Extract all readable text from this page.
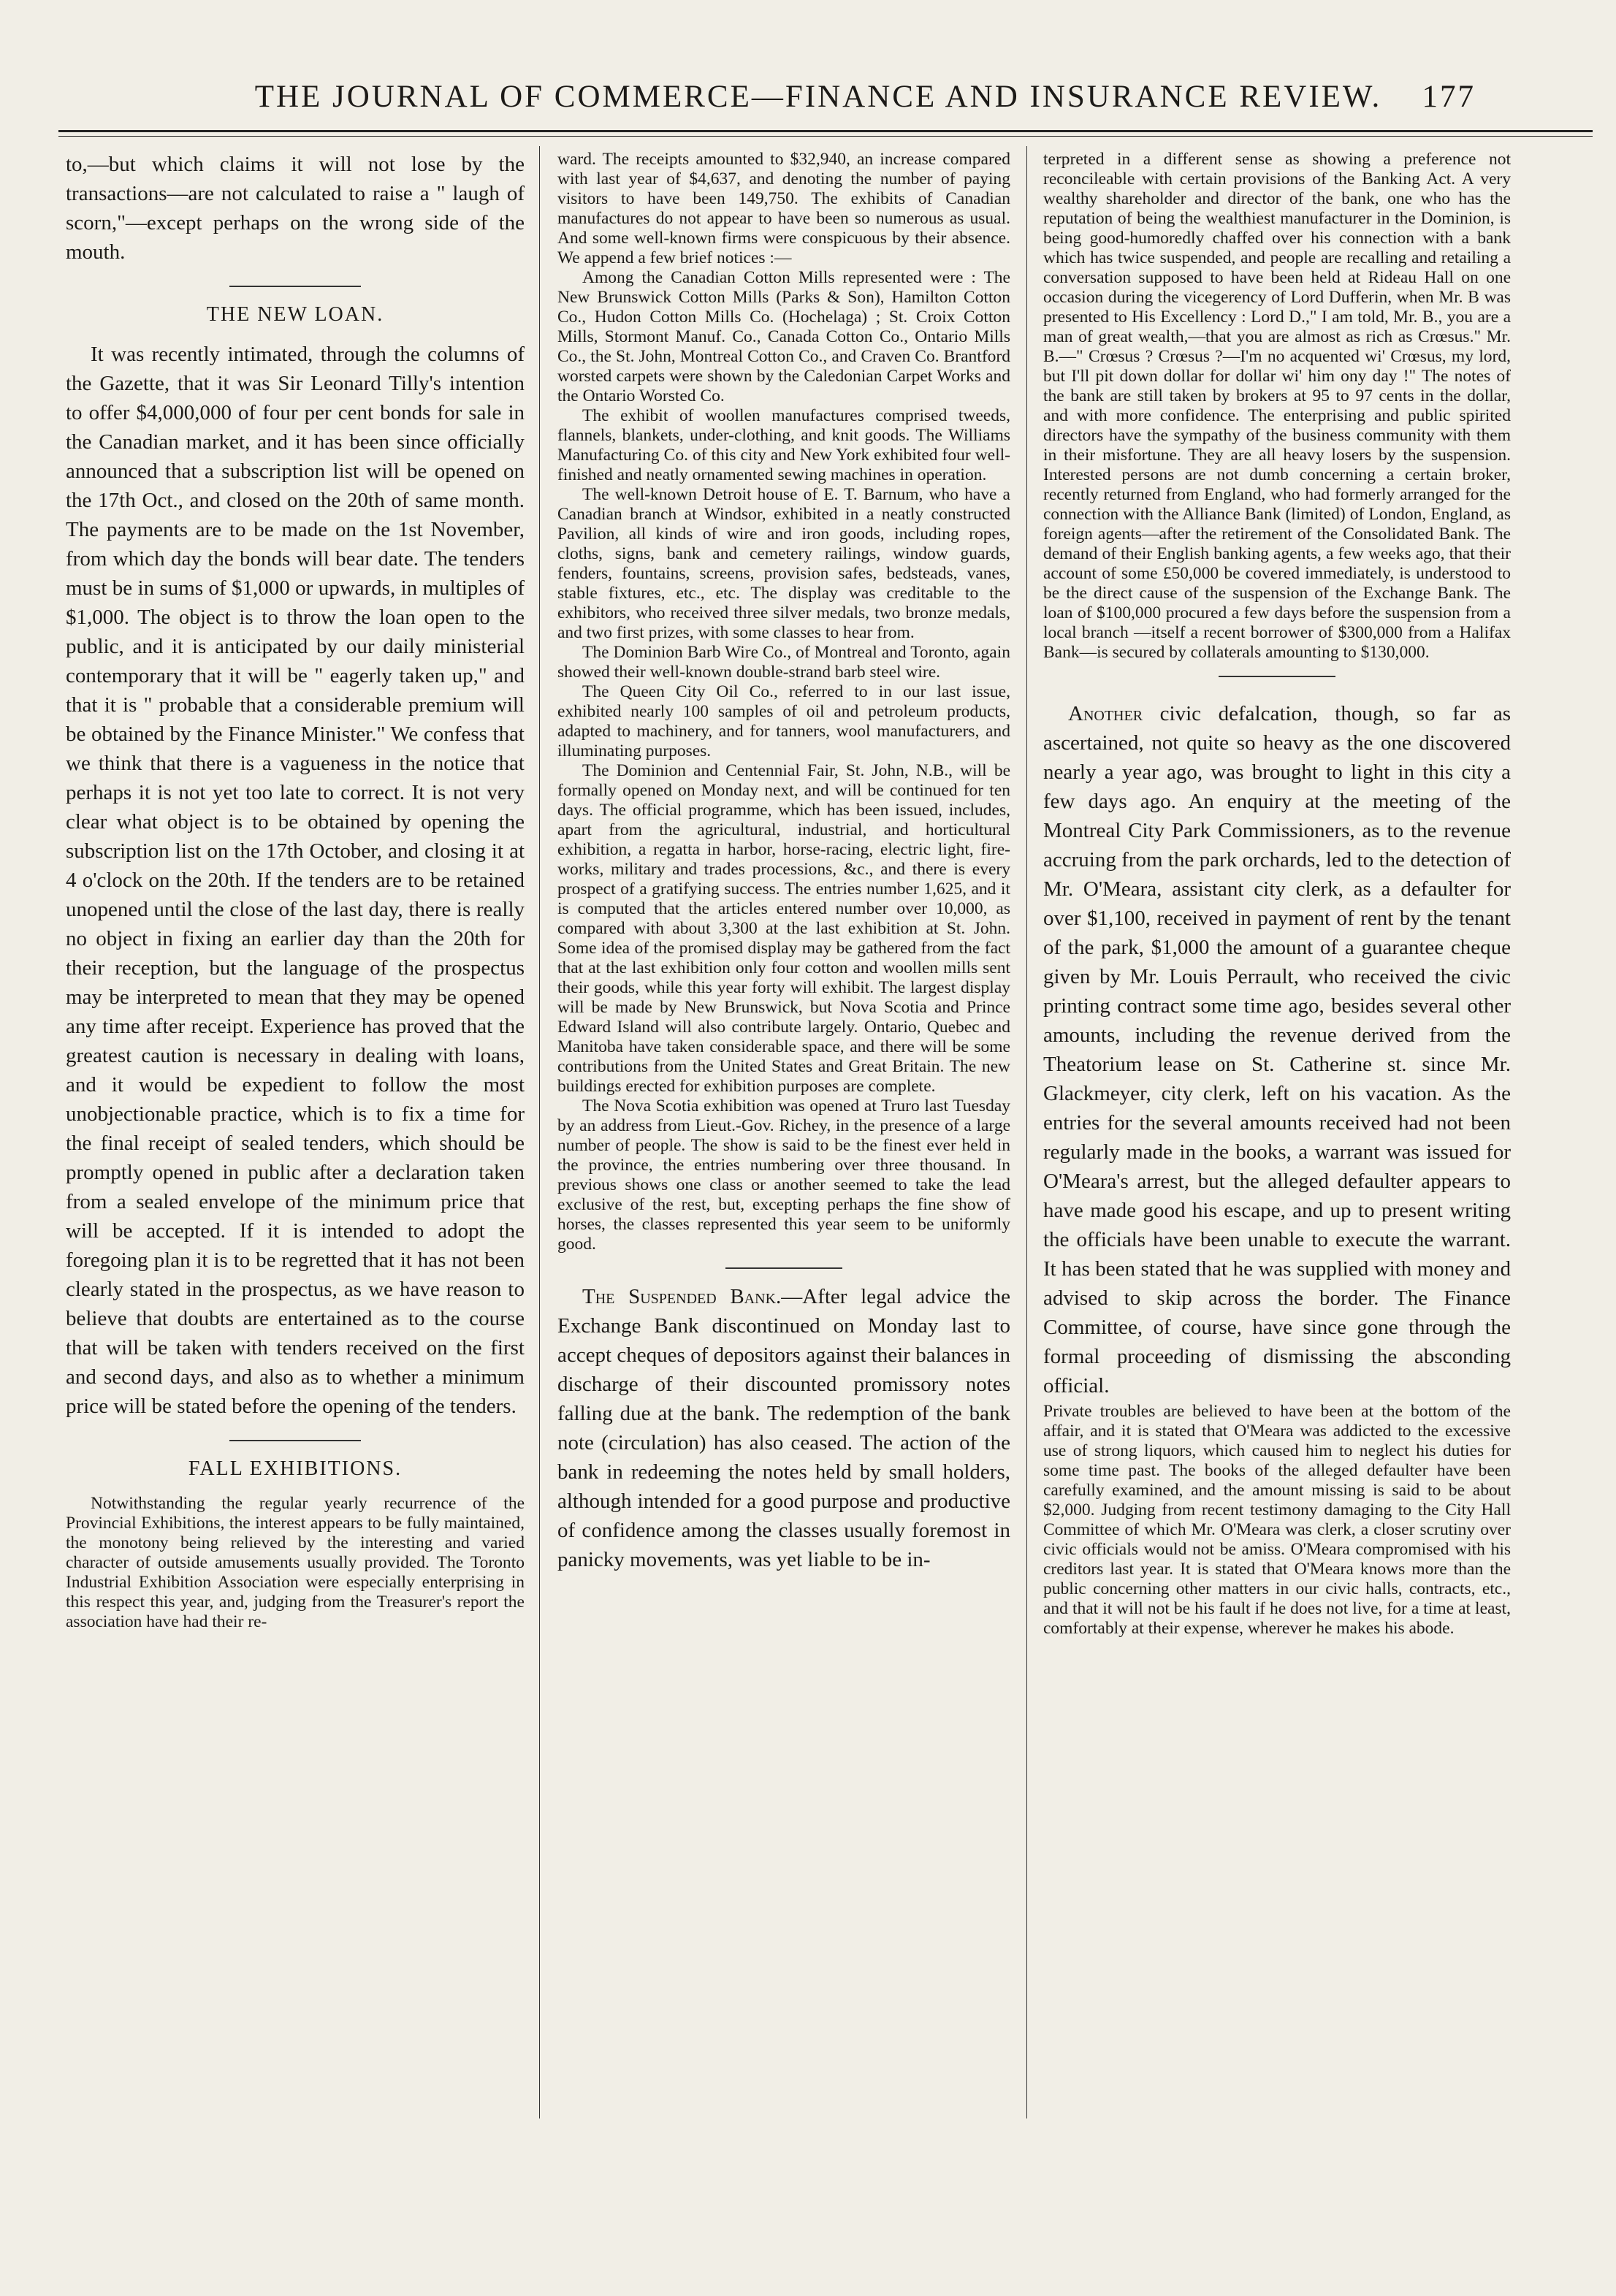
THE JOURNAL OF COMMERCE—FINANCE AND INSURANCE REVIEW. 177

to,—but which claims it will not lose by the transactions—are not calculated to raise a " laugh of scorn,"—except perhaps on the wrong side of the mouth.

THE NEW LOAN.

It was recently intimated, through the columns of the Gazette, that it was Sir Leonard Tilly's intention to offer $4,000,000 of four per cent bonds for sale in the Canadian market, and it has been since officially announced that a subscription list will be opened on the 17th Oct., and closed on the 20th of same month. The payments are to be made on the 1st November, from which day the bonds will bear date. The tenders must be in sums of $1,000 or upwards, in multiples of $1,000. The object is to throw the loan open to the public, and it is anticipated by our daily ministerial contemporary that it will be " eagerly taken up," and that it is " probable that a considerable premium will be obtained by the Finance Minister." We confess that we think that there is a vagueness in the notice that perhaps it is not yet too late to correct. It is not very clear what object is to be obtained by opening the subscription list on the 17th October, and closing it at 4 o'clock on the 20th. If the tenders are to be retained unopened until the close of the last day, there is really no object in fixing an earlier day than the 20th for their reception, but the language of the prospectus may be interpreted to mean that they may be opened any time after receipt. Experience has proved that the greatest caution is necessary in dealing with loans, and it would be expedient to follow the most unobjectionable practice, which is to fix a time for the final receipt of sealed tenders, which should be promptly opened in public after a declaration taken from a sealed envelope of the minimum price that will be accepted. If it is intended to adopt the foregoing plan it is to be regretted that it has not been clearly stated in the prospectus, as we have reason to believe that doubts are entertained as to the course that will be taken with tenders received on the first and second days, and also as to whether a minimum price will be stated before the opening of the tenders.

FALL EXHIBITIONS.

Notwithstanding the regular yearly recurrence of the Provincial Exhibitions, the interest appears to be fully maintained, the monotony being relieved by the interesting and varied character of outside amusements usually provided. The Toronto Industrial Exhibition Association were especially enterprising in this respect this year, and, judging from the Treasurer's report the association have had their re-

ward. The receipts amounted to $32,940, an increase compared with last year of $4,637, and denoting the number of paying visitors to have been 149,750. The exhibits of Canadian manufactures do not appear to have been so numerous as usual. And some well-known firms were conspicuous by their absence. We append a few brief notices :—

Among the Canadian Cotton Mills represented were : The New Brunswick Cotton Mills (Parks & Son), Hamilton Cotton Co., Hudon Cotton Mills Co. (Hochelaga) ; St. Croix Cotton Mills, Stormont Manuf. Co., Canada Cotton Co., Ontario Mills Co., the St. John, Montreal Cotton Co., and Craven Co. Brantford worsted carpets were shown by the Caledonian Carpet Works and the Ontario Worsted Co.

The exhibit of woollen manufactures comprised tweeds, flannels, blankets, under-clothing, and knit goods. The Williams Manufacturing Co. of this city and New York exhibited four well-finished and neatly ornamented sewing machines in operation.

The well-known Detroit house of E. T. Barnum, who have a Canadian branch at Windsor, exhibited in a neatly constructed Pavilion, all kinds of wire and iron goods, including ropes, cloths, signs, bank and cemetery railings, window guards, fenders, fountains, screens, provision safes, bedsteads, vanes, stable fixtures, etc., etc. The display was creditable to the exhibitors, who received three silver medals, two bronze medals, and two first prizes, with some classes to hear from.

The Dominion Barb Wire Co., of Montreal and Toronto, again showed their well-known double-strand barb steel wire.

The Queen City Oil Co., referred to in our last issue, exhibited nearly 100 samples of oil and petroleum products, adapted to machinery, and for tanners, wool manufacturers, and illuminating purposes.

The Dominion and Centennial Fair, St. John, N.B., will be formally opened on Monday next, and will be continued for ten days. The official programme, which has been issued, includes, apart from the agricultural, industrial, and horticultural exhibition, a regatta in harbor, horse-racing, electric light, fire-works, military and trades processions, &c., and there is every prospect of a gratifying success. The entries number 1,625, and it is computed that the articles entered number over 10,000, as compared with about 3,300 at the last exhibition at St. John. Some idea of the promised display may be gathered from the fact that at the last exhibition only four cotton and woollen mills sent their goods, while this year forty will exhibit. The largest display will be made by New Brunswick, but Nova Scotia and Prince Edward Island will also contribute largely. Ontario, Quebec and Manitoba have taken considerable space, and there will be some contributions from the United States and Great Britain. The new buildings erected for exhibition purposes are complete.

The Nova Scotia exhibition was opened at Truro last Tuesday by an address from Lieut.-Gov. Richey, in the presence of a large number of people. The show is said to be the finest ever held in the province, the entries numbering over three thousand. In previous shows one class or another seemed to take the lead exclusive of the rest, but, excepting perhaps the fine show of horses, the classes represented this year seem to be uniformly good.

The Suspended Bank.—After legal advice the Exchange Bank discontinued on Monday last to accept cheques of depositors against their balances in discharge of their discounted promissory notes falling due at the bank. The redemption of the bank note (circulation) has also ceased. The action of the bank in redeeming the notes held by small holders, although intended for a good purpose and productive of confidence among the classes usually foremost in panicky movements, was yet liable to be in-

terpreted in a different sense as showing a preference not reconcileable with certain provisions of the Banking Act. A very wealthy shareholder and director of the bank, one who has the reputation of being the wealthiest manufacturer in the Dominion, is being good-humoredly chaffed over his connection with a bank which has twice suspended, and people are recalling and retailing a conversation supposed to have been held at Rideau Hall on one occasion during the vicegerency of Lord Dufferin, when Mr. B was presented to His Excellency : Lord D.," I am told, Mr. B., you are a man of great wealth,—that you are almost as rich as Crœsus." Mr. B.—" Crœsus ? Crœsus ?—I'm no acquented wi' Crœsus, my lord, but I'll pit down dollar for dollar wi' him ony day !" The notes of the bank are still taken by brokers at 95 to 97 cents in the dollar, and with more confidence. The enterprising and public spirited directors have the sympathy of the business community with them in their misfortune. They are all heavy losers by the suspension. Interested persons are not dumb concerning a certain broker, recently returned from England, who had formerly arranged for the connection with the Alliance Bank (limited) of London, England, as foreign agents—after the retirement of the Consolidated Bank. The demand of their English banking agents, a few weeks ago, that their account of some £50,000 be covered immediately, is understood to be the direct cause of the suspension of the Exchange Bank. The loan of $100,000 procured a few days before the suspension from a local branch —itself a recent borrower of $300,000 from a Halifax Bank—is secured by collaterals amounting to $130,000.

Another civic defalcation, though, so far as ascertained, not quite so heavy as the one discovered nearly a year ago, was brought to light in this city a few days ago. An enquiry at the meeting of the Montreal City Park Commissioners, as to the revenue accruing from the park orchards, led to the detection of Mr. O'Meara, assistant city clerk, as a defaulter for over $1,100, received in payment of rent by the tenant of the park, $1,000 the amount of a guarantee cheque given by Mr. Louis Perrault, who received the civic printing contract some time ago, besides several other amounts, including the revenue derived from the Theatorium lease on St. Catherine st. since Mr. Glackmeyer, city clerk, left on his vacation. As the entries for the several amounts received had not been regularly made in the books, a warrant was issued for O'Meara's arrest, but the alleged defaulter appears to have made good his escape, and up to present writing the officials have been unable to execute the warrant. It has been stated that he was supplied with money and advised to skip across the border. The Finance Committee, of course, have since gone through the formal proceeding of dismissing the absconding official.

Private troubles are believed to have been at the bottom of the affair, and it is stated that O'Meara was addicted to the excessive use of strong liquors, which caused him to neglect his duties for some time past. The books of the alleged defaulter have been carefully examined, and the amount missing is said to be about $2,000. Judging from recent testimony damaging to the City Hall Committee of which Mr. O'Meara was clerk, a closer scrutiny over civic officials would not be amiss. O'Meara compromised with his creditors last year. It is stated that O'Meara knows more than the public concerning other matters in our civic halls, contracts, etc., and that it will not be his fault if he does not live, for a time at least, comfortably at their expense, wherever he makes his abode.
